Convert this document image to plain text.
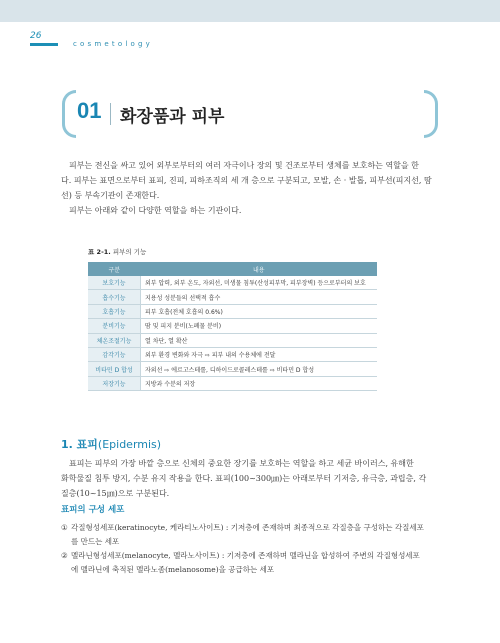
26
cosmetology
01 화장품과 피부
피부는 전신을 싸고 있어 외부로부터의 여러 자극이나 장의 및 건조로부터 생체를 보호하는 역할을 한
다. 피부는 표면으로부터 표피, 진피, 피하조직의 세 개 층으로 구분되고, 모발, 손 · 발톱, 피부선(피지선, 땀
선) 등 부속기관이 존재한다.
피부는 아래와 같이 다양한 역할을 하는 기관이다.
표 2-1. 피부의 기능
구분	내용
보호기능	외부 압력, 외부 온도, 자외선, 미생물 침투(산성피부막, 피부장벽) 등으로부터의 보호
흡수기능	지용성 성분들의 선택적 흡수
호흡기능	피부 호흡(전체 호흡의 0.6%)
분비기능	땀 및 피지 분비(노폐물 분비)
체온조절기능	열 차단, 열 확산
감각기능	외부 환경 변화와 자극 ⇨ 피부 내의 수용체에 전달
비타민 D 합성	자외선 ⇨ 에르고스테롤, 디하이드로콜레스테롤 ⇨ 비타민 D 합성
저장기능	지방과 수분의 저장
1. 표피(Epidermis)
표피는 피부의 가장 바깥 층으로 신체의 중요한 장기를 보호하는 역할을 하고 세균 바이러스, 유해한
화학물질 침투 방지, 수분 유지 작용을 한다. 표피(100~300㎛)는 아래로부터 기저층, 유극층, 과립층, 각
질층(10~15㎛)으로 구분된다.
표피의 구성 세포
① 각질형성세포(keratinocyte, 케라티노사이트) : 기저층에 존재하며 최종적으로 각질층을 구성하는 각질세포
를 만드는 세포
② 멜라닌형성세포(melanocyte, 멜라노사이트) : 기저층에 존재하며 멜라닌을 합성하여 주변의 각질형성세포
에 멜라닌에 축적된 멜라노좀(melanosome)을 공급하는 세포
